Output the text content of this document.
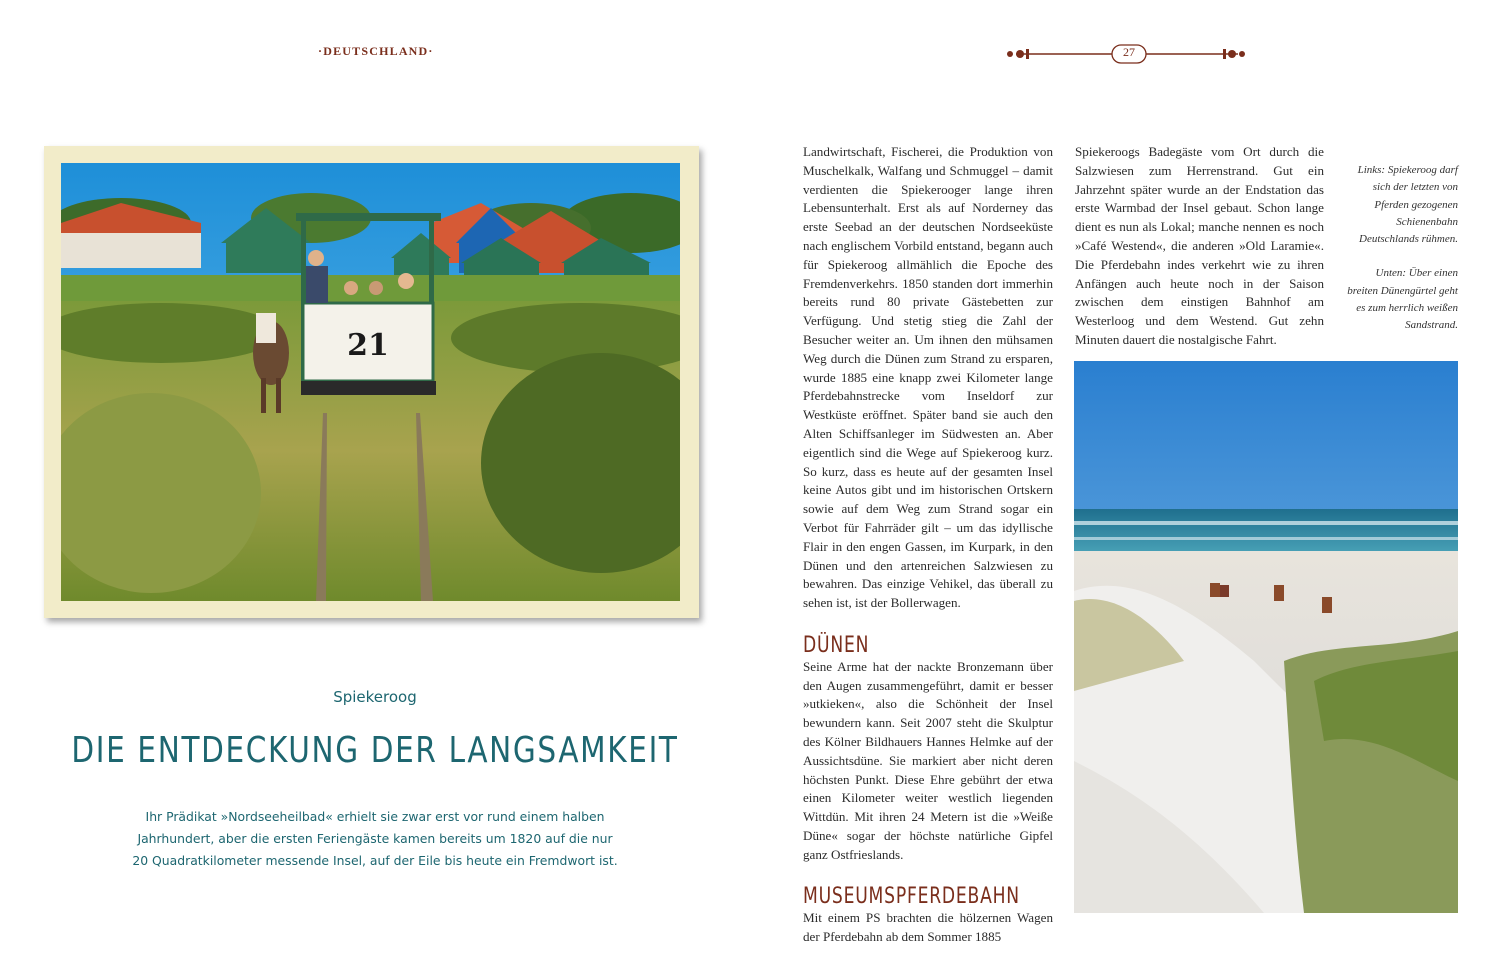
·DEUTSCHLAND·
21
Spiekeroog
DIE ENTDECKUNG DER LANGSAMKEIT
Ihr Prädikat »Nordseeheilbad« erhielt sie zwar erst vor rund einem halben
Jahrhundert, aber die ersten Feriengäste kamen bereits um 1820 auf die nur
20 Quadratkilometer messende Insel, auf der Eile bis heute ein Fremdwort ist.
27

Landwirtschaft, Fischerei, die Produktion von Muschelkalk, Walfang und Schmuggel – damit verdienten die Spiekerooger lange ihren Lebensunterhalt. Erst als auf Norderney das erste Seebad an der deutschen Nordseeküste nach englischem Vorbild entstand, begann auch für Spiekeroog allmählich die Epoche des Fremdenverkehrs. 1850 standen dort immerhin bereits rund 80 private Gästebetten zur Verfügung. Und stetig stieg die Zahl der Besucher weiter an. Um ihnen den mühsamen Weg durch die Dünen zum Strand zu ersparen, wurde 1885 eine knapp zwei Kilometer lange Pferdebahnstrecke vom Inseldorf zur Westküste eröffnet. Später band sie auch den Alten Schiffsanleger im Südwesten an. Aber eigentlich sind die Wege auf Spiekeroog kurz. So kurz, dass es heute auf der gesamten Insel keine Autos gibt und im historischen Ortskern sowie auf dem Weg zum Strand sogar ein Verbot für Fahrräder gilt – um das idyllische Flair in den engen Gassen, im Kurpark, in den Dünen und den artenreichen Salzwiesen zu bewahren. Das einzige Vehikel, das überall zu sehen ist, ist der Bollerwagen.

DÜNEN

Seine Arme hat der nackte Bronzemann über den Augen zusammengeführt, damit er besser »utkieken«, also die Schönheit der Insel bewundern kann. Seit 2007 steht die Skulptur des Kölner Bildhauers Hannes Helmke auf der Aussichtsdüne. Sie markiert aber nicht deren höchsten Punkt. Diese Ehre gebührt der etwa einen Kilometer weiter westlich liegenden Wittdün. Mit ihren 24 Metern ist die »Weiße Düne« sogar der höchste natürliche Gipfel ganz Ostfrieslands.

MUSEUMSPFERDEBAHN

Mit einem PS brachten die hölzernen Wagen der Pferdebahn ab dem Sommer 1885

Spiekeroogs Badegäste vom Ort durch die Salzwiesen zum Herrenstrand. Gut ein Jahrzehnt später wurde an der Endstation das erste Warmbad der Insel gebaut. Schon lange dient es nun als Lokal; manche nennen es noch »Café Westend«, die anderen »Old Laramie«. Die Pferdebahn indes verkehrt wie zu ihren Anfängen auch heute noch in der Saison zwischen dem einstigen Bahnhof am Westerloog und dem Westend. Gut zehn Minuten dauert die nostalgische Fahrt.

Links: Spiekeroog darf sich der letzten von Pferden gezogenen Schienenbahn Deutschlands rühmen.

Unten: Über einen breiten Dünengürtel geht es zum herrlich weißen Sandstrand.
